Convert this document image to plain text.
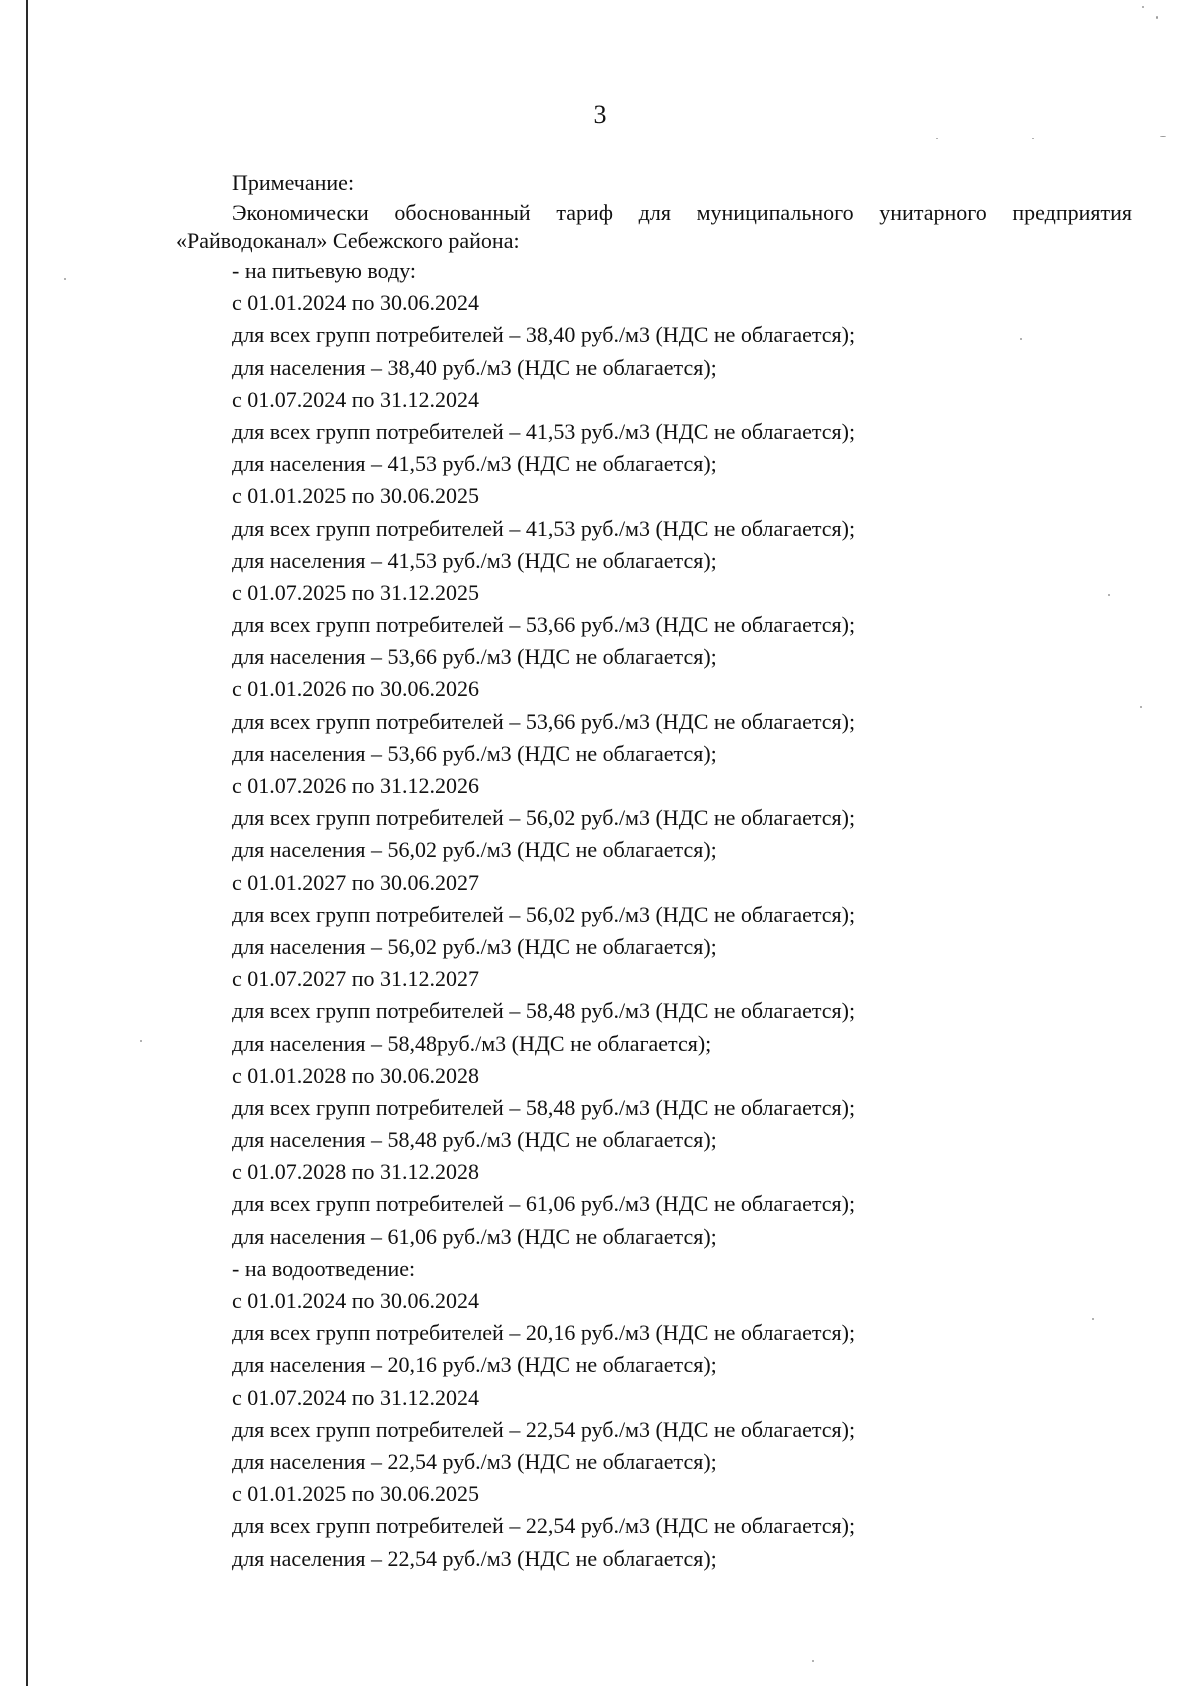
3
Примечание:
Экономически обоснованный тариф для муниципального унитарного предприятия «Райводоканал» Себежского района:
- на питьевую воду:
с 01.01.2024 по 30.06.2024
для всех групп потребителей – 38,40 руб./м3 (НДС не облагается);
для населения – 38,40 руб./м3 (НДС не облагается);
с 01.07.2024 по 31.12.2024
для всех групп потребителей – 41,53 руб./м3 (НДС не облагается);
для населения – 41,53 руб./м3 (НДС не облагается);
с 01.01.2025 по 30.06.2025
для всех групп потребителей – 41,53 руб./м3 (НДС не облагается);
для населения – 41,53 руб./м3 (НДС не облагается);
с 01.07.2025 по 31.12.2025
для всех групп потребителей – 53,66 руб./м3 (НДС не облагается);
для населения – 53,66 руб./м3 (НДС не облагается);
с 01.01.2026 по 30.06.2026
для всех групп потребителей – 53,66 руб./м3 (НДС не облагается);
для населения – 53,66 руб./м3 (НДС не облагается);
с 01.07.2026 по 31.12.2026
для всех групп потребителей – 56,02 руб./м3 (НДС не облагается);
для населения – 56,02 руб./м3 (НДС не облагается);
с 01.01.2027 по 30.06.2027
для всех групп потребителей – 56,02 руб./м3 (НДС не облагается);
для населения – 56,02 руб./м3 (НДС не облагается);
с 01.07.2027 по 31.12.2027
для всех групп потребителей – 58,48 руб./м3 (НДС не облагается);
для населения – 58,48руб./м3 (НДС не облагается);
с 01.01.2028 по 30.06.2028
для всех групп потребителей – 58,48 руб./м3 (НДС не облагается);
для населения – 58,48 руб./м3 (НДС не облагается);
с 01.07.2028 по 31.12.2028
для всех групп потребителей – 61,06 руб./м3 (НДС не облагается);
для населения – 61,06 руб./м3 (НДС не облагается);
- на водоотведение:
с 01.01.2024 по 30.06.2024
для всех групп потребителей – 20,16 руб./м3 (НДС не облагается);
для населения – 20,16 руб./м3 (НДС не облагается);
с 01.07.2024 по 31.12.2024
для всех групп потребителей – 22,54 руб./м3 (НДС не облагается);
для населения – 22,54 руб./м3 (НДС не облагается);
с 01.01.2025 по 30.06.2025
для всех групп потребителей – 22,54 руб./м3 (НДС не облагается);
для населения – 22,54 руб./м3 (НДС не облагается);
